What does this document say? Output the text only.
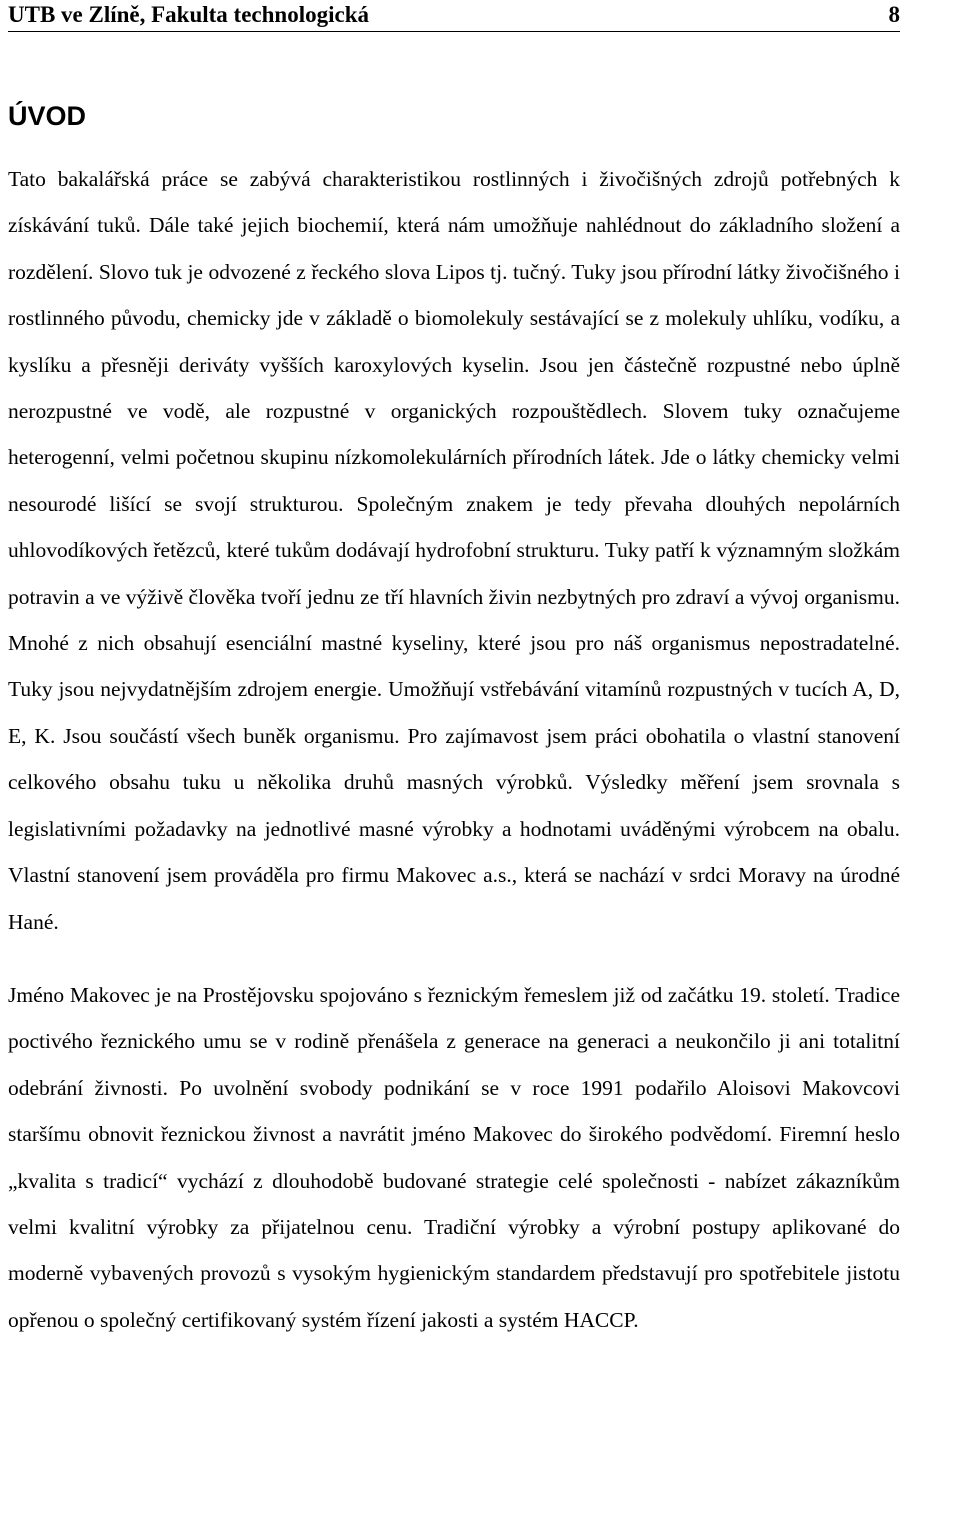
UTB ve Zlíně, Fakulta technologická	8
ÚVOD

Tato bakalářská práce se zabývá charakteristikou rostlinných i živočišných zdrojů potřebných k získávání tuků. Dále také jejich biochemií, která nám umožňuje nahlédnout do základního složení a rozdělení. Slovo tuk je odvozené z řeckého slova Lipos tj. tučný. Tuky jsou přírodní látky živočišného i rostlinného původu, chemicky jde v základě o biomolekuly sestávající se z molekuly uhlíku, vodíku, a kyslíku a přesněji deriváty vyšších karoxylových kyselin. Jsou jen částečně rozpustné nebo úplně nerozpustné ve vodě, ale rozpustné v organických rozpouštědlech. Slovem tuky označujeme heterogenní, velmi početnou skupinu nízkomolekulárních přírodních látek. Jde o látky chemicky velmi nesourodé lišící se svojí strukturou. Společným znakem je tedy převaha dlouhých nepolárních uhlovodíkových řetězců, které tukům dodávají hydrofobní strukturu. Tuky patří k významným složkám potravin a ve výživě člověka tvoří jednu ze tří hlavních živin nezbytných pro zdraví a vývoj organismu. Mnohé z nich obsahují esenciální mastné kyseliny, které jsou pro náš organismus nepostradatelné. Tuky jsou nejvydatnějším zdrojem energie. Umožňují vstřebávání vitamínů rozpustných v tucích A, D, E, K. Jsou součástí všech buněk organismu. Pro zajímavost jsem práci obohatila o vlastní stanovení celkového obsahu tuku u několika druhů masných výrobků. Výsledky měření jsem srovnala s legislativními požadavky na jednotlivé masné výrobky a hodnotami uváděnými výrobcem na obalu. Vlastní stanovení jsem prováděla pro firmu Makovec a.s., která se nachází v srdci Moravy na úrodné Hané.

Jméno Makovec je na Prostějovsku spojováno s řeznickým řemeslem již od začátku 19. století. Tradice poctivého řeznického umu se v rodině přenášela z generace na generaci a neukončilo ji ani totalitní odebrání živnosti. Po uvolnění svobody podnikání se v roce 1991 podařilo Aloisovi Makovcovi staršímu obnovit řeznickou živnost a navrátit jméno Makovec do širokého podvědomí. Firemní heslo „kvalita s tradicí“ vychází z dlouhodobě budované strategie celé společnosti - nabízet zákazníkům velmi kvalitní výrobky za přijatelnou cenu. Tradiční výrobky a výrobní postupy aplikované do moderně vybavených provozů s vysokým hygienickým standardem představují pro spotřebitele jistotu opřenou o společný certifikovaný systém řízení jakosti a systém HACCP.
